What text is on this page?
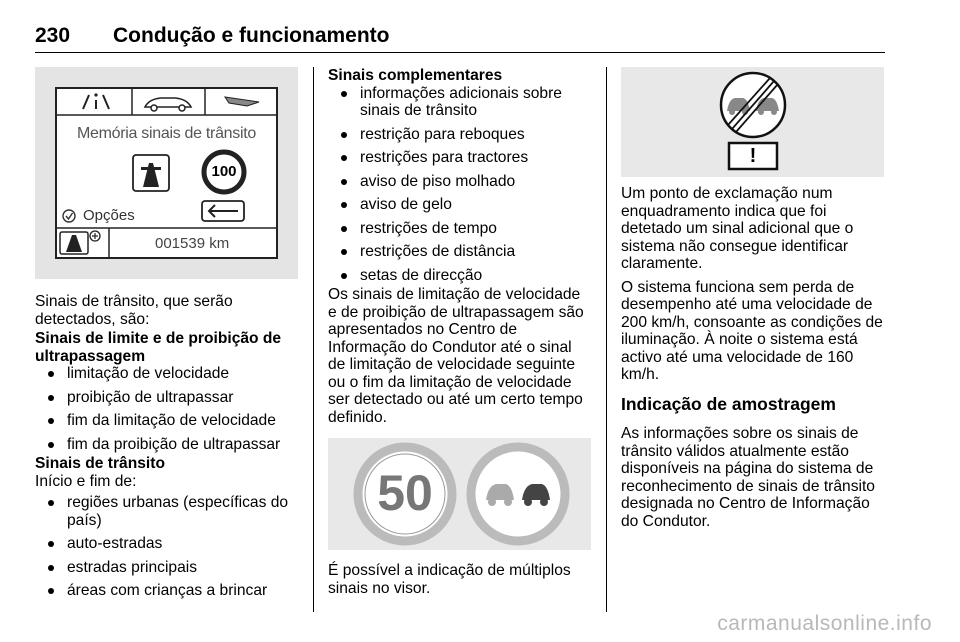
230 Condução e funcionamento
Memória sinais de trânsito
100
Opções
001539 km

Sinais de trânsito, que serão detectados, são:

Sinais de limite e de proibição de ultrapassagem

limitação de velocidade
proibição de ultrapassar
fim da limitação de velocidade
fim da proibição de ultrapassar

Sinais de trânsito

Início e fim de:

regiões urbanas (específicas do país)
auto-estradas
estradas principais
áreas com crianças a brincar

Sinais complementares

informações adicionais sobre sinais de trânsito
restrição para reboques
restrições para tractores
aviso de piso molhado
aviso de gelo
restrições de tempo
restrições de distância
setas de direcção

Os sinais de limitação de velocidade e de proibição de ultrapassagem são apresentados no Centro de Informação do Condutor até o sinal de limitação de velocidade seguinte ou o fim da limitação de velocidade ser detectado ou até um certo tempo definido.

50

É possível a indicação de múltiplos sinais no visor.

!

Um ponto de exclamação num enquadramento indica que foi detetado um sinal adicional que o sistema não consegue identificar claramente.

O sistema funciona sem perda de desempenho até uma velocidade de 200 km/h, consoante as condições de iluminação. À noite o sistema está activo até uma velocidade de 160 km/h.

Indicação de amostragem

As informações sobre os sinais de trânsito válidos atualmente estão disponíveis na página do sistema de reconhecimento de sinais de trânsito designada no Centro de Informação do Condutor.

carmanualsonline.info
